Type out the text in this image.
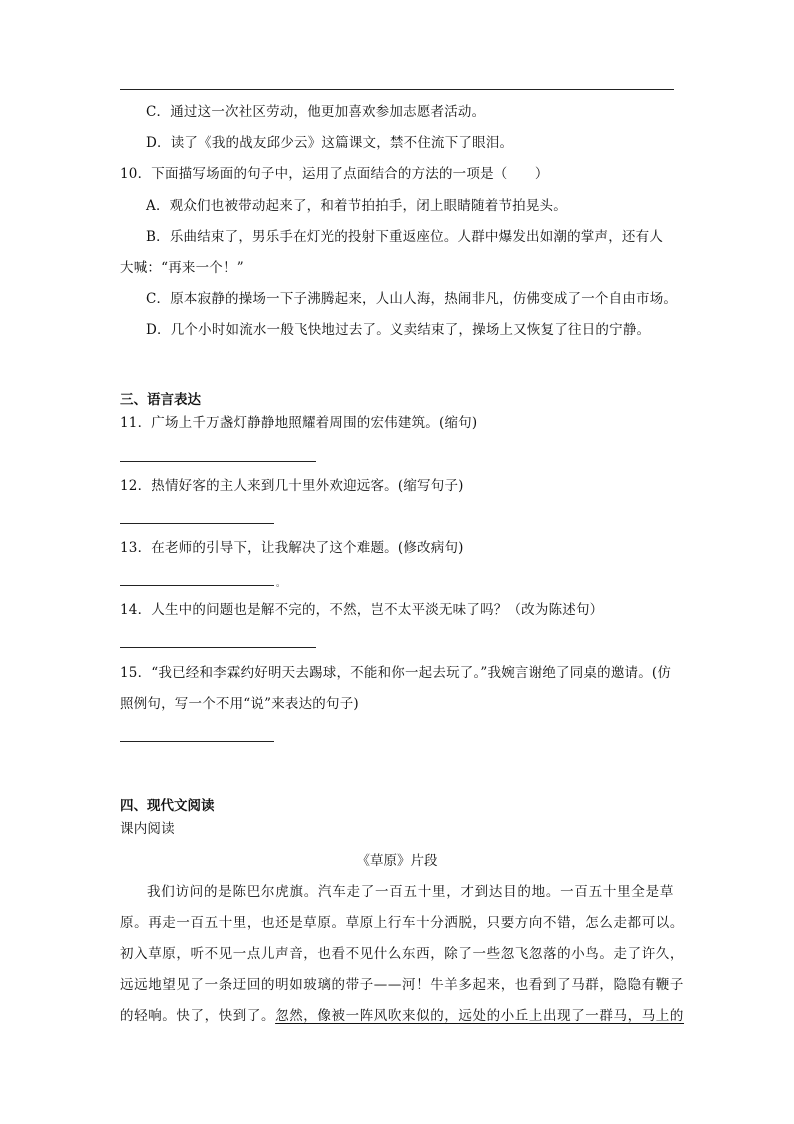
C．通过这一次社区劳动，他更加喜欢参加志愿者活动。
D．读了《我的战友邱少云》这篇课文，禁不住流下了眼泪。
10．下面描写场面的句子中，运用了点面结合的方法的一项是（　　）
A．观众们也被带动起来了，和着节拍拍手，闭上眼睛随着节拍晃头。
B．乐曲结束了，男乐手在灯光的投射下重返座位。人群中爆发出如潮的掌声，还有人
大喊：“再来一个！”
C．原本寂静的操场一下子沸腾起来，人山人海，热闹非凡，仿佛变成了一个自由市场。
D．几个小时如流水一般飞快地过去了。义卖结束了，操场上又恢复了往日的宁静。
三、语言表达
11．广场上千万盏灯静静地照耀着周围的宏伟建筑。(缩句)
12．热情好客的主人来到几十里外欢迎远客。(缩写句子)
13．在老师的引导下，让我解决了这个难题。(修改病句)
。
14．人生中的问题也是解不完的，不然，岂不太平淡无味了吗？（改为陈述句）
15．“我已经和李霖约好明天去踢球，不能和你一起去玩了。”我婉言谢绝了同桌的邀请。(仿
照例句，写一个不用“说”来表达的句子)
四、现代文阅读
课内阅读
《草原》片段
我们访问的是陈巴尔虎旗。汽车走了一百五十里，才到达目的地。一百五十里全是草
原。再走一百五十里，也还是草原。草原上行车十分洒脱，只要方向不错，怎么走都可以。
初入草原，听不见一点儿声音，也看不见什么东西，除了一些忽飞忽落的小鸟。走了许久，
远远地望见了一条迂回的明如玻璃的带子——河！牛羊多起来，也看到了马群，隐隐有鞭子
的轻响。快了，快到了。忽然，像被一阵风吹来似的，远处的小丘上出现了一群马，马上的
